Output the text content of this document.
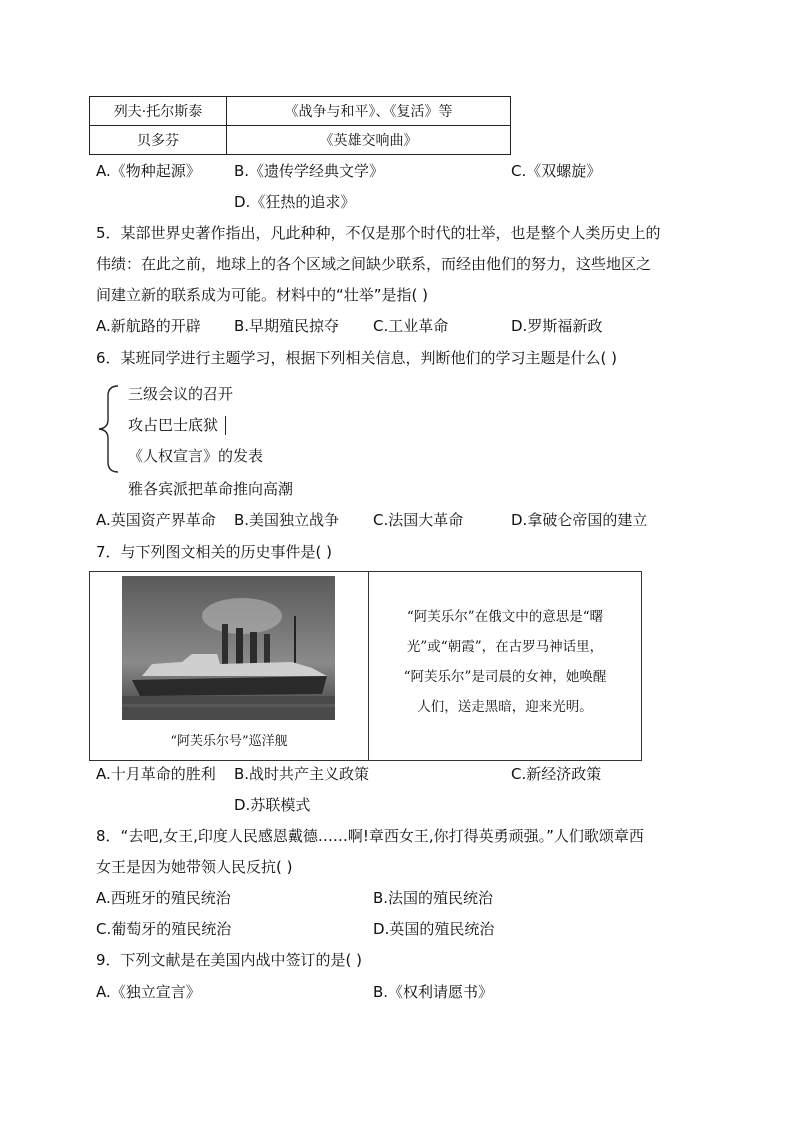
列夫·托尔斯泰	《战争与和平》、《复活》等
贝多芬	《英雄交响曲》
A.《物种起源》 B.《遗传学经典文学》	C.《双螺旋》
D.《狂热的追求》
5．某部世界史著作指出，凡此种种，不仅是那个时代的壮举，也是整个人类历史上的
伟绩：在此之前，地球上的各个区域之间缺少联系，而经由他们的努力，这些地区之
间建立新的联系成为可能。材料中的“壮举”是指( )
A.新航路的开辟 B.早期殖民掠夺 C.工业革命	D.罗斯福新政
6．某班同学进行主题学习，根据下列相关信息，判断他们的学习主题是什么( )
三级会议的召开
攻占巴士底狱
《人权宣言》的发表
雅各宾派把革命推向高潮
A.英国资产界革命 B.美国独立战争 C.法国大革命	D.拿破仑帝国的建立
7．与下列图文相关的历史事件是( )
“阿芙乐尔号”巡洋舰
“阿芙乐尔”在俄文中的意思是“曙
光”或“朝霞”，在古罗马神话里，
“阿芙乐尔”是司晨的女神，她唤醒
人们，送走黑暗，迎来光明。
A.十月革命的胜利 B.战时共产主义政策	C.新经济政策
D.苏联模式
8．“去吧,女王,印度人民感恩戴德……啊!章西女王,你打得英勇顽强。”人们歌颂章西
女王是因为她带领人民反抗( )
A.西班牙的殖民统治	B.法国的殖民统治
C.葡萄牙的殖民统治	D.英国的殖民统治
9．下列文献是在美国内战中签订的是( )
A.《独立宣言》	B.《权利请愿书》
